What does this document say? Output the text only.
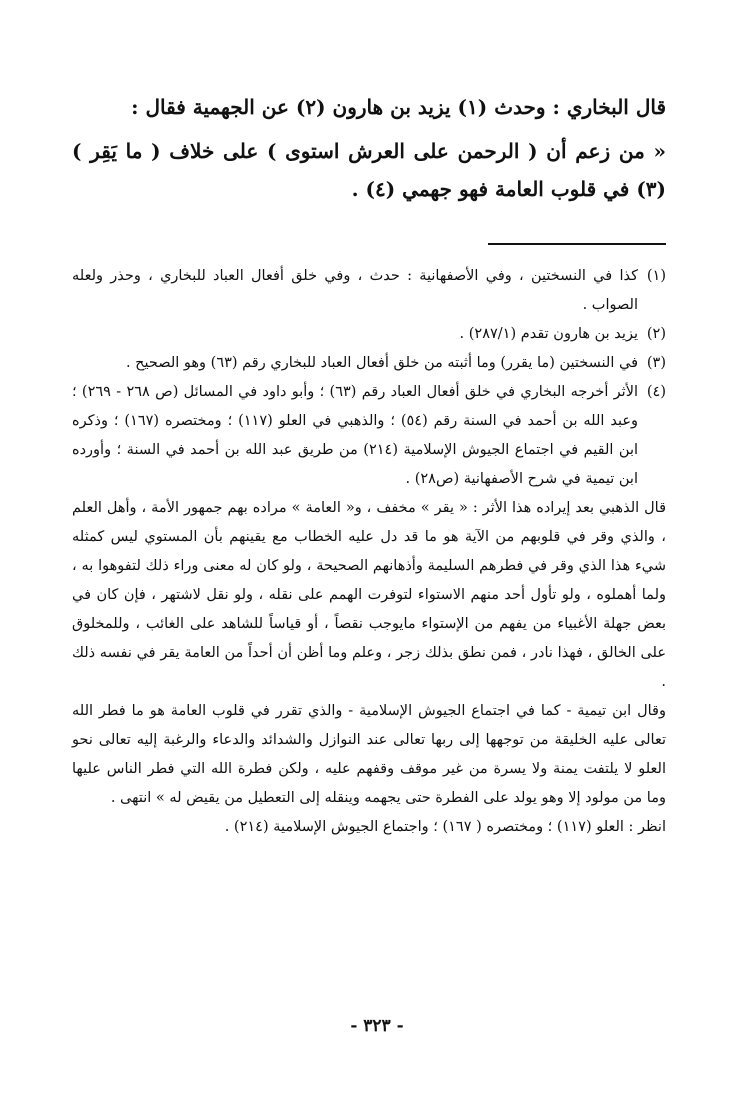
قال البخاري : وحدث (١) يزيد بن هارون (٢) عن الجهمية فقال :

« من زعم أن ( الرحمن على العرش استوى ) على خلاف ( ما يَقِر ) (٣) في قلوب العامة فهو جهمي (٤) .

(١)كذا في النسختين ، وفي الأصفهانية : حدث ، وفي خلق أفعال العباد للبخاري ، وحذر ولعله الصواب .

(٢)يزيد بن هارون تقدم (٢٨٧/١) .

(٣)في النسختين (ما يقرر) وما أثبته من خلق أفعال العباد للبخاري رقم (٦٣) وهو الصحيح .

(٤)الأثر أخرجه البخاري في خلق أفعال العباد رقم (٦٣) ؛ وأبو داود في المسائل (ص ٢٦٨ - ٢٦٩) ؛ وعبد الله بن أحمد في السنة رقم (٥٤) ؛ والذهبي في العلو (١١٧) ؛ ومختصره (١٦٧) ؛ وذكره ابن القيم في اجتماع الجيوش الإسلامية (٢١٤) من طريق عبد الله بن أحمد في السنة ؛ وأورده ابن تيمية في شرح الأصفهانية (ص٢٨) .

قال الذهبي بعد إيراده هذا الأثر : « يقر » مخفف ، و« العامة » مراده بهم جمهور الأمة ، وأهل العلم ، والذي وقر في قلوبهم من الآية هو ما قد دل عليه الخطاب مع يقينهم بأن المستوي ليس كمثله شيء هذا الذي وقر في فطرهم السليمة وأذهانهم الصحيحة ، ولو كان له معنى وراء ذلك لتفوهوا به ، ولما أهملوه ، ولو تأول أحد منهم الاستواء لتوفرت الهمم على نقله ، ولو نقل لاشتهر ، فإن كان في بعض جهلة الأغبياء من يفهم من الإستواء مايوجب نقصاً ، أو قياساً للشاهد على الغائب ، وللمخلوق على الخالق ، فهذا نادر ، فمن نطق بذلك زجر ، وعلم وما أظن أن أحداً من العامة يقر في نفسه ذلك .

وقال ابن تيمية - كما في اجتماع الجيوش الإسلامية - والذي تقرر في قلوب العامة هو ما فطر الله تعالى عليه الخليقة من توجهها إلى ربها تعالى عند النوازل والشدائد والدعاء والرغبة إليه تعالى نحو العلو لا يلتفت يمنة ولا يسرة من غير موقف وقفهم عليه ، ولكن فطرة الله التي فطر الناس عليها وما من مولود إلا وهو يولد على الفطرة حتى يجهمه وينقله إلى التعطيل من يقيض له » انتهى .

انظر : العلو (١١٧) ؛ ومختصره ( ١٦٧) ؛ واجتماع الجيوش الإسلامية (٢١٤) .

- ٣٢٣ -
